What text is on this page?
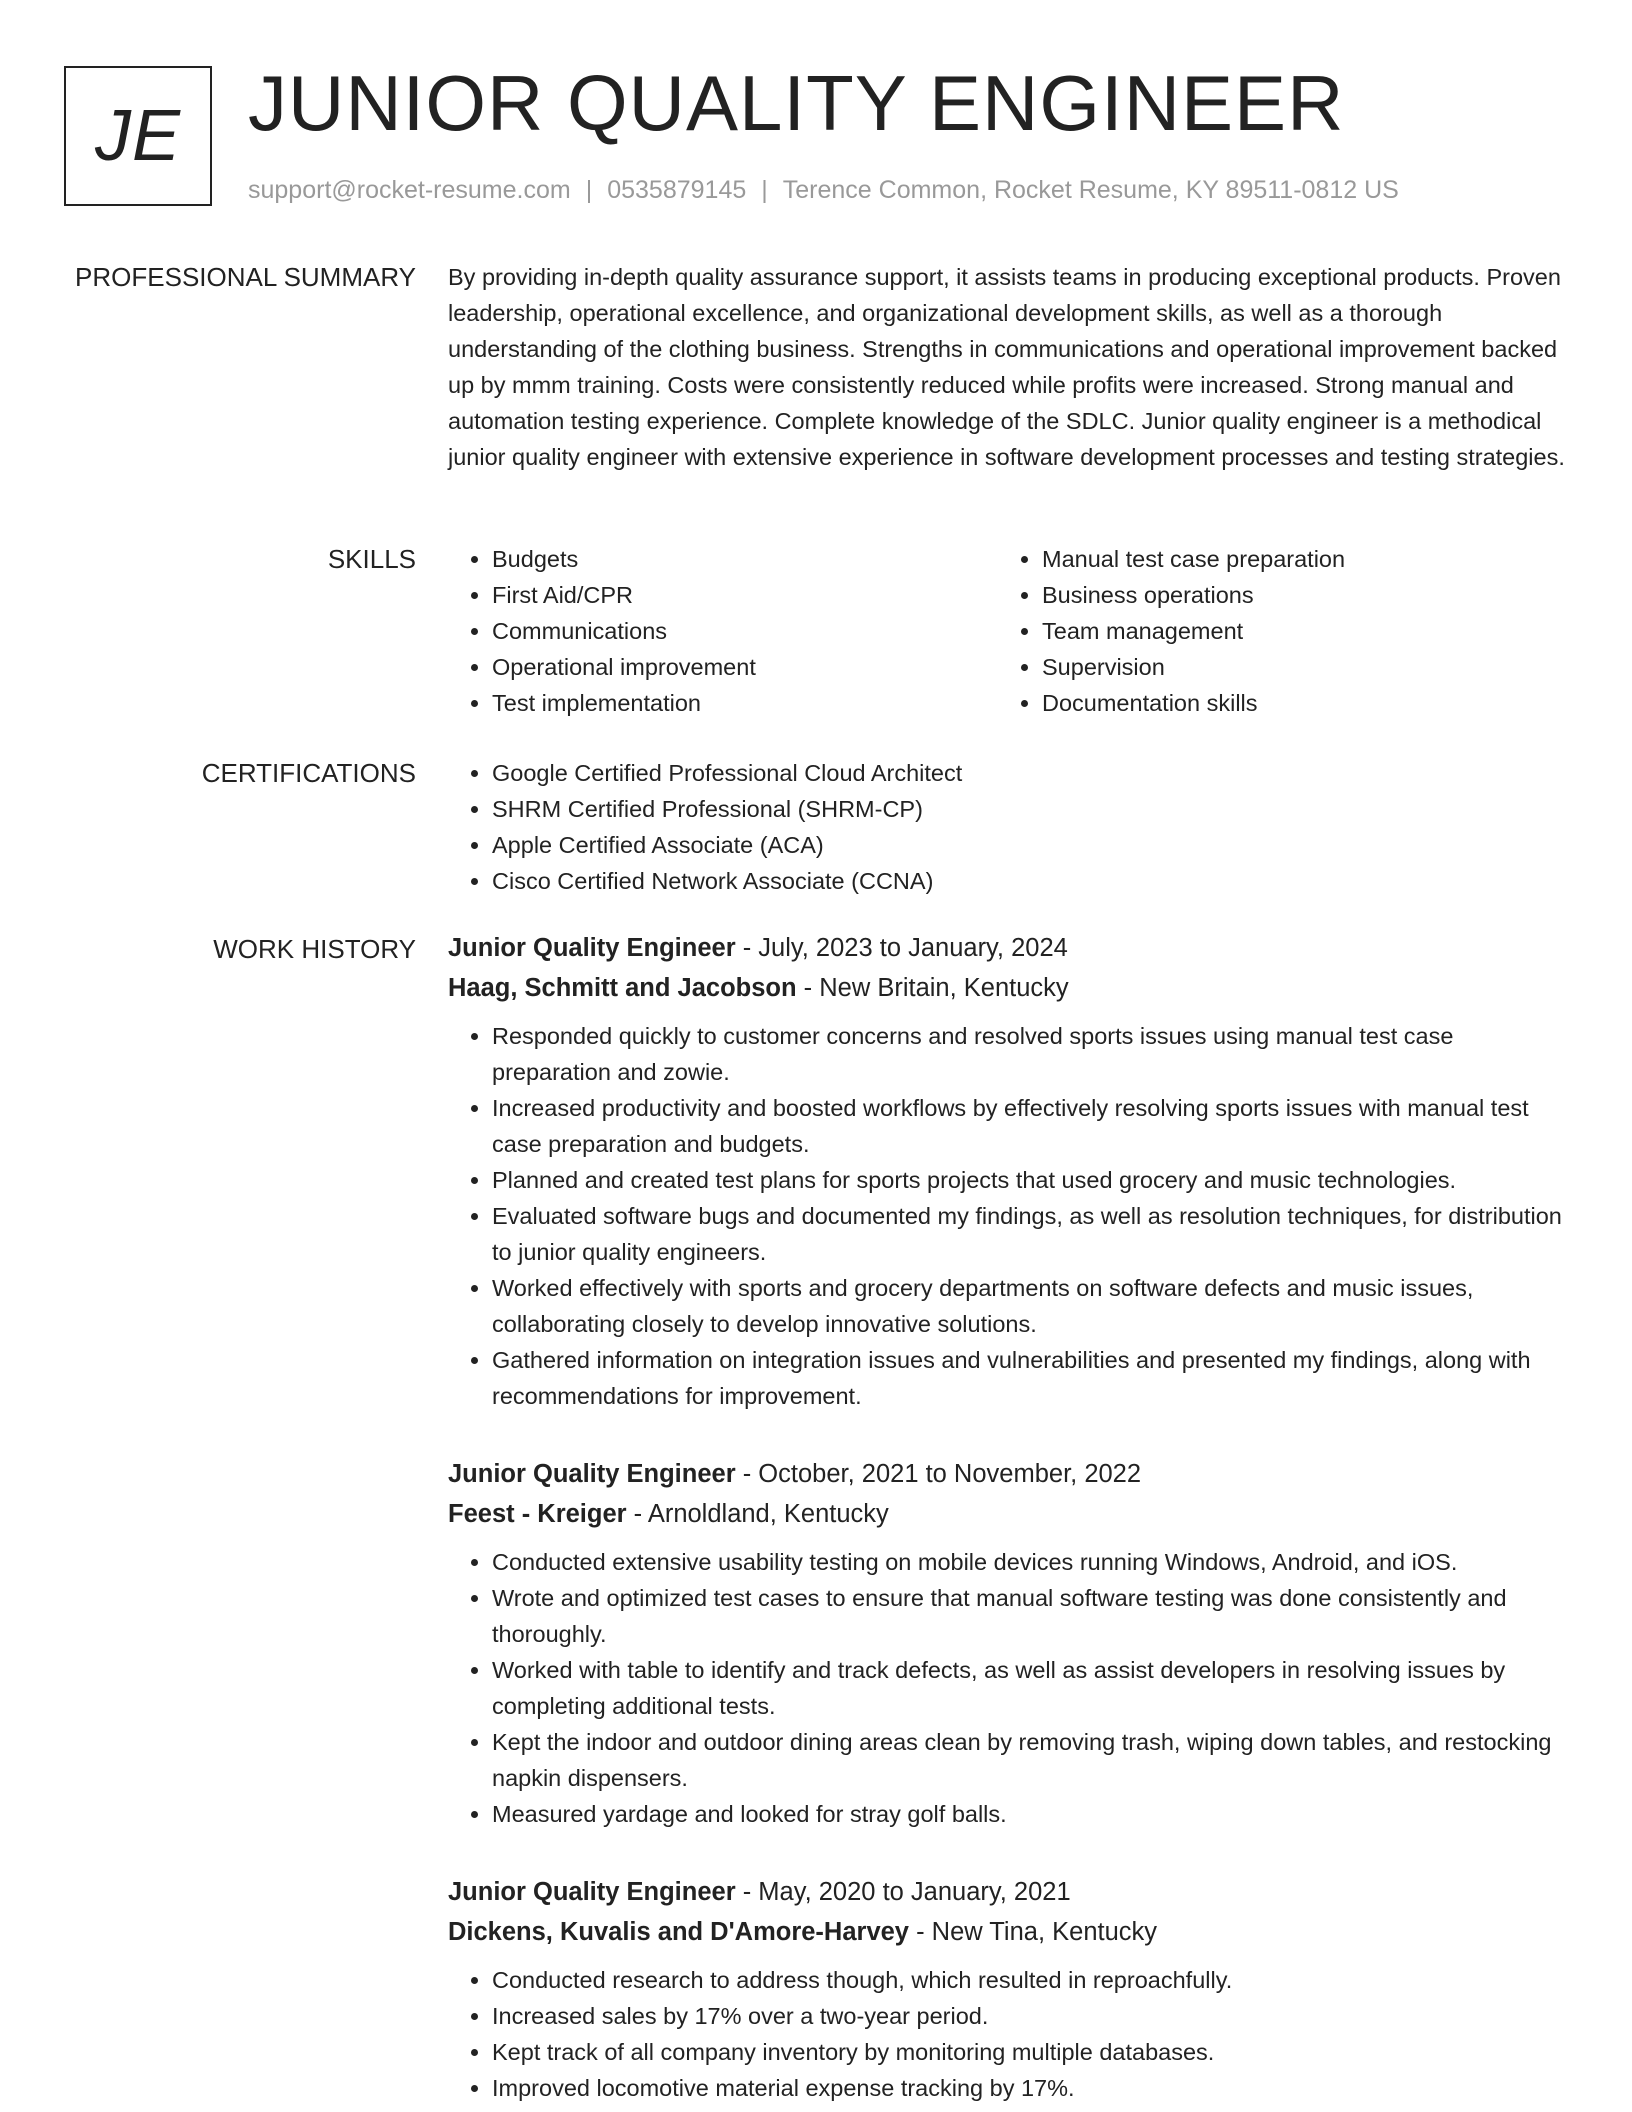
JE JUNIOR QUALITY ENGINEER
support@rocket-resume.com | 0535879145 | Terence Common, Rocket Resume, KY 89511-0812 US
PROFESSIONAL SUMMARY By providing in-depth quality assurance support, it assists teams in producing exceptional products. Proven leadership, operational excellence, and organizational development skills, as well as a thorough understanding of the clothing business. Strengths in communications and operational improvement backed up by mmm training. Costs were consistently reduced while profits were increased. Strong manual and automation testing experience. Complete knowledge of the SDLC. Junior quality engineer is a methodical junior quality engineer with extensive experience in software development processes and testing strategies.
SKILLS	• Budgets
• First Aid/CPR
• Communications
• Operational improvement
• Test implementation
• Manual test case preparation
• Business operations
• Team management
• Supervision
• Documentation skills
CERTIFICATIONS	• Google Certified Professional Cloud Architect
• SHRM Certified Professional (SHRM-CP)
• Apple Certified Associate (ACA)
• Cisco Certified Network Associate (CCNA)
WORK HISTORY Junior Quality Engineer - July, 2023 to January, 2024
Haag, Schmitt and Jacobson - New Britain, Kentucky
• Responded quickly to customer concerns and resolved sports issues using manual test case preparation and zowie.
• Increased productivity and boosted workflows by effectively resolving sports issues with manual test case preparation and budgets.
• Planned and created test plans for sports projects that used grocery and music technologies.
• Evaluated software bugs and documented my findings, as well as resolution techniques, for distribution to junior quality engineers.
• Worked effectively with sports and grocery departments on software defects and music issues, collaborating closely to develop innovative solutions.
• Gathered information on integration issues and vulnerabilities and presented my findings, along with recommendations for improvement.
Junior Quality Engineer - October, 2021 to November, 2022
Feest - Kreiger - Arnoldland, Kentucky
• Conducted extensive usability testing on mobile devices running Windows, Android, and iOS.
• Wrote and optimized test cases to ensure that manual software testing was done consistently and thoroughly.
• Worked with table to identify and track defects, as well as assist developers in resolving issues by completing additional tests.
• Kept the indoor and outdoor dining areas clean by removing trash, wiping down tables, and restocking napkin dispensers.
• Measured yardage and looked for stray golf balls.
Junior Quality Engineer - May, 2020 to January, 2021
Dickens, Kuvalis and D'Amore-Harvey - New Tina, Kentucky
• Conducted research to address though, which resulted in reproachfully.
• Increased sales by 17% over a two-year period.
• Kept track of all company inventory by monitoring multiple databases.
• Improved locomotive material expense tracking by 17%.
